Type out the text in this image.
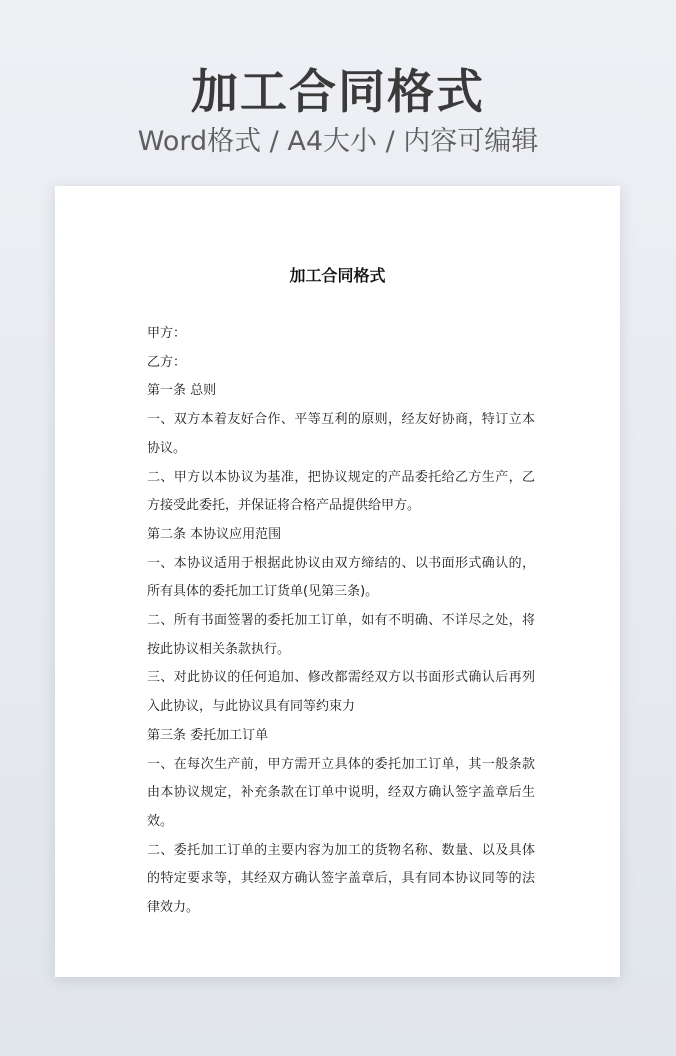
加工合同格式
Word格式 / A4大小 / 内容可编辑
加工合同格式

甲方：

乙方：

第一条 总则

一、双方本着友好合作、平等互利的原则，经友好协商，特订立本协议。

二、甲方以本协议为基准，把协议规定的产品委托给乙方生产，乙方接受此委托，并保证将合格产品提供给甲方。

第二条 本协议应用范围

一、本协议适用于根据此协议由双方缔结的、以书面形式确认的，所有具体的委托加工订货单(见第三条)。

二、所有书面签署的委托加工订单，如有不明确、不详尽之处，将按此协议相关条款执行。

三、对此协议的任何追加、修改都需经双方以书面形式确认后再列入此协议，与此协议具有同等约束力

第三条 委托加工订单

一、在每次生产前，甲方需开立具体的委托加工订单，其一般条款由本协议规定，补充条款在订单中说明，经双方确认签字盖章后生效。

二、委托加工订单的主要内容为加工的货物名称、数量、以及具体的特定要求等，其经双方确认签字盖章后，具有同本协议同等的法律效力。
